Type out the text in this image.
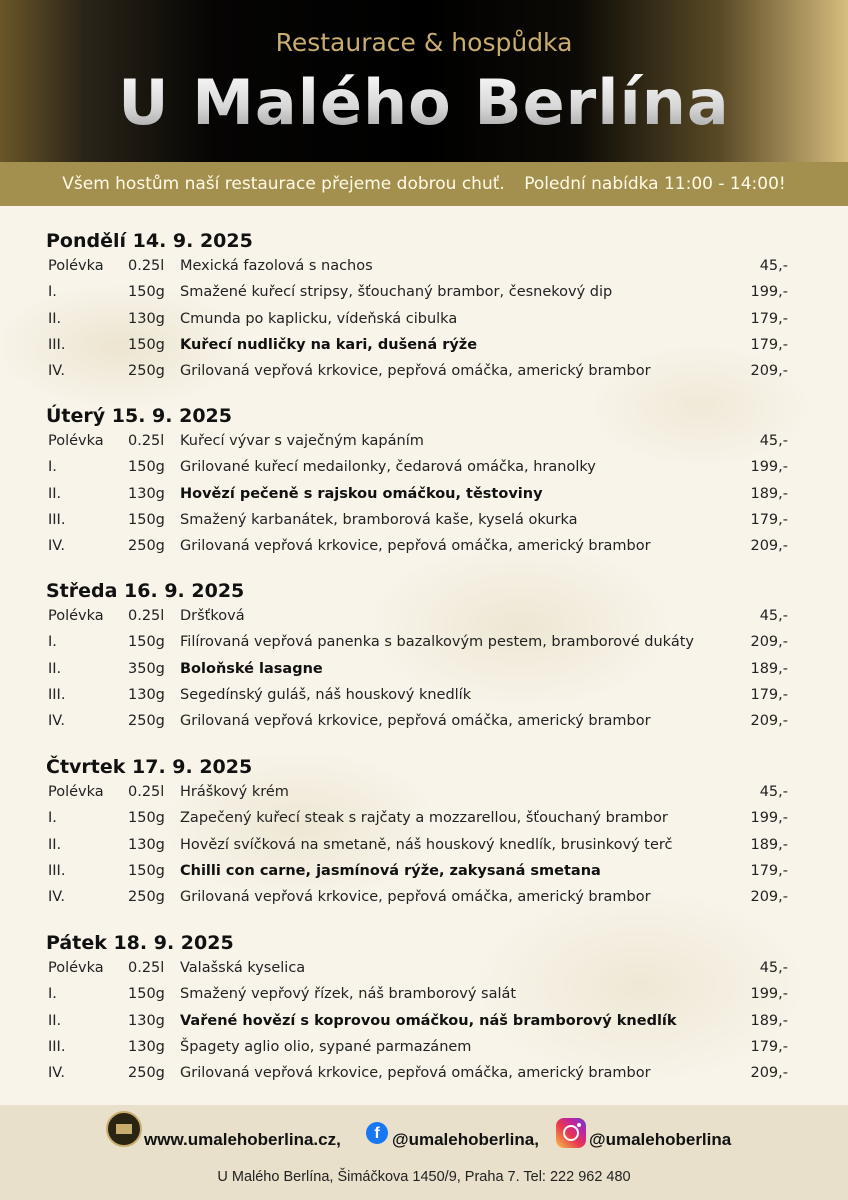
Restaurace & hospůdka
U Malého Berlína
Všem hostům naší restaurace přejeme dobrou chuť. Polední nabídka 11:00 - 14:00!
Pondělí 14. 9. 2025
Polévka 0.25l Mexická fazolová s nachos	45,-
I.	150g Smažené kuřecí stripsy, šťouchaný brambor, česnekový dip	199,-
II.	130g Cmunda po kaplicku, vídeňská cibulka	179,-
III.	150g Kuřecí nudličky na kari, dušená rýže	179,-
IV.	250g Grilovaná vepřová krkovice, pepřová omáčka, americký brambor	209,-
Úterý 15. 9. 2025
Polévka 0.25l Kuřecí vývar s vaječným kapáním	45,-
I.	150g Grilované kuřecí medailonky, čedarová omáčka, hranolky	199,-
II.	130g Hovězí pečeně s rajskou omáčkou, těstoviny	189,-
III.	150g Smažený karbanátek, bramborová kaše, kyselá okurka	179,-
IV.	250g Grilovaná vepřová krkovice, pepřová omáčka, americký brambor	209,-
Středa 16. 9. 2025
Polévka 0.25l Dršťková	45,-
I.	150g Filírovaná vepřová panenka s bazalkovým pestem, bramborové dukáty	209,-
II.	350g Boloňské lasagne	189,-
III.	130g Segedínský guláš, náš houskový knedlík	179,-
IV.	250g Grilovaná vepřová krkovice, pepřová omáčka, americký brambor	209,-
Čtvrtek 17. 9. 2025
Polévka 0.25l Hráškový krém	45,-
I.	150g Zapečený kuřecí steak s rajčaty a mozzarellou, šťouchaný brambor	199,-
II.	130g Hovězí svíčková na smetaně, náš houskový knedlík, brusinkový terč	189,-
III.	150g Chilli con carne, jasmínová rýže, zakysaná smetana	179,-
IV.	250g Grilovaná vepřová krkovice, pepřová omáčka, americký brambor	209,-
Pátek 18. 9. 2025
Polévka 0.25l Valašská kyselica	45,-
I.	150g Smažený vepřový řízek, náš bramborový salát	199,-
II.	130g Vařené hovězí s koprovou omáčkou, náš bramborový knedlík	189,-
III.	130g Špagety aglio olio, sypané parmazánem	179,-
IV.	250g Grilovaná vepřová krkovice, pepřová omáčka, americký brambor	209,-
www.umalehoberlina.cz,	f @umalehoberlina,	@umalehoberlina
U Malého Berlína, Šimáčkova 1450/9, Praha 7. Tel: 222 962 480
